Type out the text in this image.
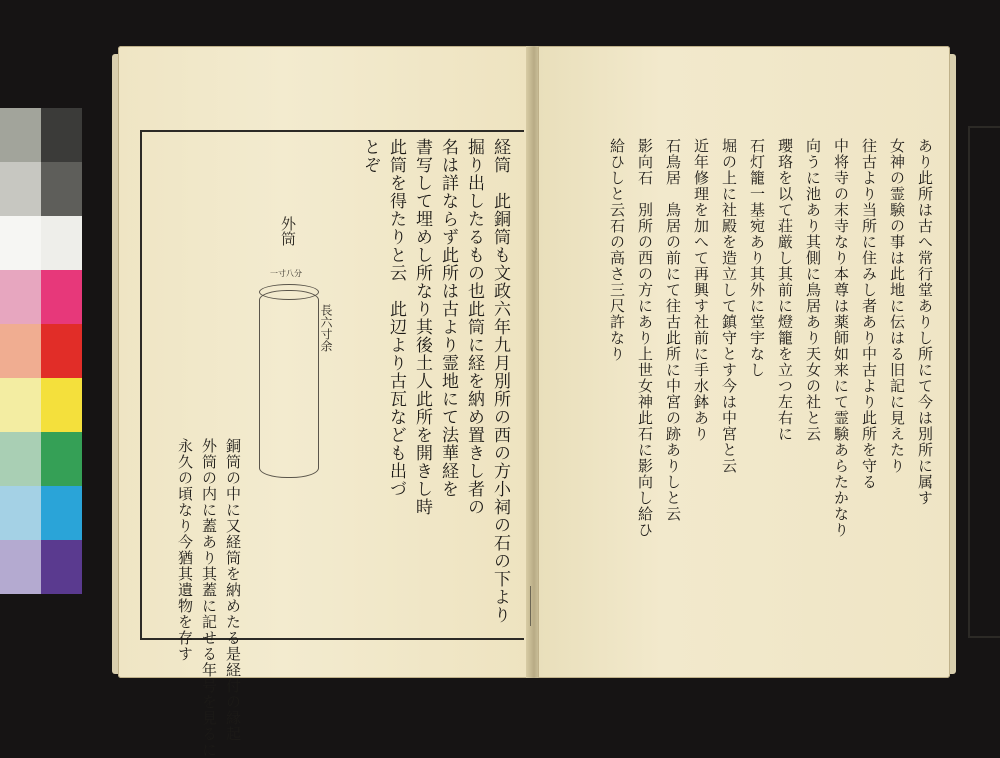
経筒　此銅筒も文政六年九月別所の西の方小祠の石の下より
掘り出したるもの也此筒に経を納め置きし者の
名は詳ならず此所は古より霊地にて法華経を
書写して埋めし所なり其後土人此所を開きし時
此筒を得たりと云　此辺より古瓦なども出づ
とぞ
銅筒の中に又経筒を納めたる是経付の縁起
外筒の内に蓋あり其蓋に記せる年号を見るに
永久の頃なり今猶其遺物を存す
外筒
一寸八分
長六寸余	あり此所は古へ常行堂ありし所にて今は別所に属す
女神の霊験の事は此地に伝はる旧記に見えたり
往古より当所に住みし者あり中古より此所を守る
中将寺の末寺なり本尊は薬師如来にて霊験あらたかなり
向うに池あり其側に鳥居あり天女の社と云
瓔珞を以て荘厳し其前に燈籠を立つ左右に
石灯籠一基宛あり其外に堂宇なし
堀の上に社殿を造立して鎮守とす今は中宮と云
近年修理を加へて再興す社前に手水鉢あり
石鳥居　鳥居の前にて往古此所に中宮の跡ありしと云
影向石　別所の西の方にあり上世女神此石に影向し給ひ
給ひしと云石の高さ三尺許なり
